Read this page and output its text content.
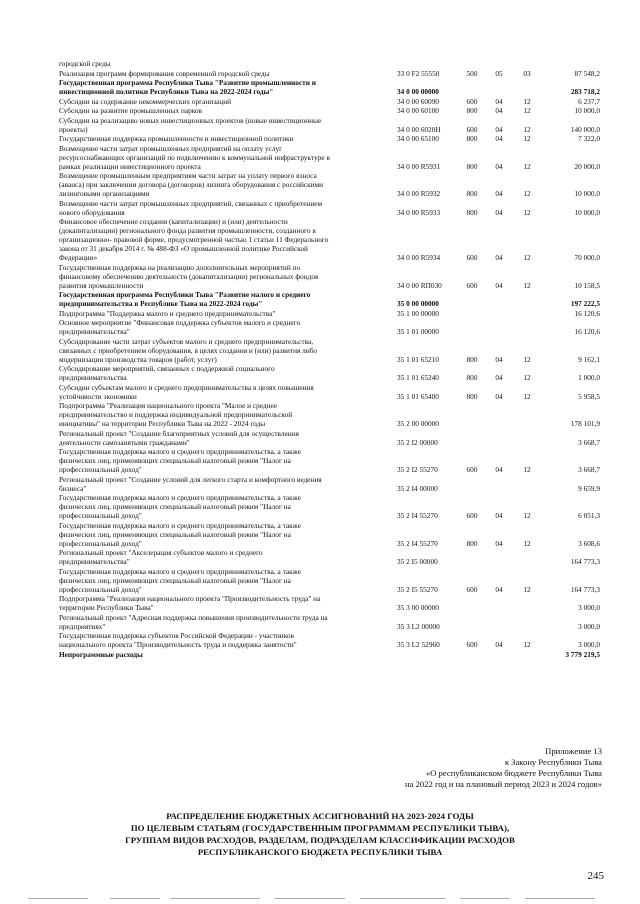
городской среды
Реализация программ формирования современной городской среды	33 0 F2 55550	500	05	03	87 548,2
Государственная программа Республики Тыва "Развитие промышленности и
инвестиционной политики Республики Тыва на 2022-2024 годы"	34 0 00 00000	283 718,2
Субсидии на содержание некоммерческих организаций	34 0 00 60090	600	04	12	6 237,7
Субсидии на развитие промышленных парков	34 0 00 60100	800	04	12	10 000,0
Субсидии на реализацию новых инвестиционных проектов (новые инвестиционные
проекты)	34 0 00 6020Н	600	04	12	140 000,0
Государственная поддержка промышленности и инвестиционной политики	34 0 00 65100	800	04	12	7 322,0
Возмещение части затрат промышленных предприятий на оплату услуг
ресурсоснабжающих организаций по подключению к коммунальной инфраструктуре в
рамках реализации инвестиционного проекта	34 0 00 R5931	800	04	12	20 000,0
Возмещение промышленным предприятиям части затрат на уплату первого взноса
(аванса) при заключении договора (договоров) лизинга оборудования с российскими
лизинговыми организациями	34 0 00 R5932	800	04	12	10 000,0
Возмещение части затрат промышленных предприятий, связанных с приобретением
нового оборудования	34 0 00 R5933	800	04	12	10 000,0
Финансовое обеспечение создания (капитализации) и (или) деятельности
(докапитализации) регионального фонда развития промышленности, созданного в
организационно- правовой форме, предусмотренной частью 1 статьи 11 Федерального
закона от 31 декабря 2014 г. № 488-ФЗ «О промышленной политике Российской
Федерации»	34 0 00 R5934	600	04	12	70 000,0
Государственная поддержка на реализацию дополнительных мероприятий по
финансовому обеспечению деятельности (докапитализации) региональных фондов
развития промышленности	34 0 00 RП030	600	04	12	10 158,5
Государственная программа Республики Тыва "Развитие малого и среднего
предпринимательства в Республике Тыва на 2022-2024 годы"	35 0 00 00000	197 222,5
Подпрограмма "Поддержка малого и среднего предпринимательства"	35 1 00 00000	16 120,6
Основное мероприятие "Финансовая поддержка субъектов малого и среднего
предпринимательства"	35 1 01 00000	16 120,6
Субсидирование части затрат субъектов малого и среднего предпринимательства,
связанных с приобретением оборудования, в целях создания и (или) развития либо
модернизации производства товаров (работ, услуг)	35 1 01 65210	800	04	12	9 162,1
Субсидирование мероприятий, связанных с поддержкой социального
предпринимательства	35 1 01 65240	800	04	12	1 000,0
Субсидии субъектам малого и среднего предпринимательства в целях повышения
устойчивости экономики	35 1 01 65400	800	04	12	5 958,5
Подпрограмма "Реализация национального проекта "Малое и среднее
предпринимательство и поддержка индивидуальной предпринимательской
инициативы" на территории Республики Тыва на 2022 - 2024 годы	35 2 00 00000	178 101,9
Региональный проект "Создание благоприятных условий для осуществления
деятельности самозанятыми гражданами"	35 2 I2 00000	3 668,7
Государственная поддержка малого и среднего предпринимательства, а также
физических лиц, применяющих специальный налоговый режим "Налог на
профессиональный доход"	35 2 I2 55270	600	04	12	3 668,7
Региональный проект "Создание условий для легкого старта и комфортного ведения
бизнеса"	35 2 I4 00000	9 659,9
Государственная поддержка малого и среднего предпринимательства, а также
физических лиц, применяющих специальный налоговый режим "Налог на
профессиональный доход"	35 2 I4 55270	600	04	12	6 051,3
Государственная поддержка малого и среднего предпринимательства, а также
физических лиц, применяющих специальный налоговый режим "Налог на
профессиональный доход"	35 2 I4 55270	800	04	12	3 608,6
Региональный проект "Акселерация субъектов малого и среднего
предпринимательства"	35 2 I5 00000	164 773,3
Государственная поддержка малого и среднего предпринимательства, а также
физических лиц, применяющих специальный налоговый режим "Налог на
профессиональный доход"	35 2 I5 55270	600	04	12	164 773,3
Подпрограмма "Реализация национального проекта "Производительность труда" на
территории Республики Тыва"	35 3 00 00000	3 000,0
Региональный проект "Адресная поддержка повышения производительности труда на
предприятиях"	35 3 L2 00000	3 000,0
Государственная поддержка субъектов Российской Федерации - участников
национального проекта "Производительность труда и поддержка занятости"	35 3 L2 52960	600	04	12	3 000,0
Непрограммные расходы	3 779 219,5
Приложение 13
к Закону Республики Тыва
«О республиканском бюджете Республики Тыва
на 2022 год и на плановый период 2023 и 2024 годов»
РАСПРЕДЕЛЕНИЕ БЮДЖЕТНЫХ АССИГНОВАНИЙ НА 2023-2024 ГОДЫ
ПО ЦЕЛЕВЫМ СТАТЬЯМ (ГОСУДАРСТВЕННЫМ ПРОГРАММАМ РЕСПУБЛИКИ ТЫВА),
ГРУППАМ ВИДОВ РАСХОДОВ, РАЗДЕЛАМ, ПОДРАЗДЕЛАМ КЛАССИФИКАЦИИ РАСХОДОВ
РЕСПУБЛИКАНСКОГО БЮДЖЕТА РЕСПУБЛИКИ ТЫВА
245
